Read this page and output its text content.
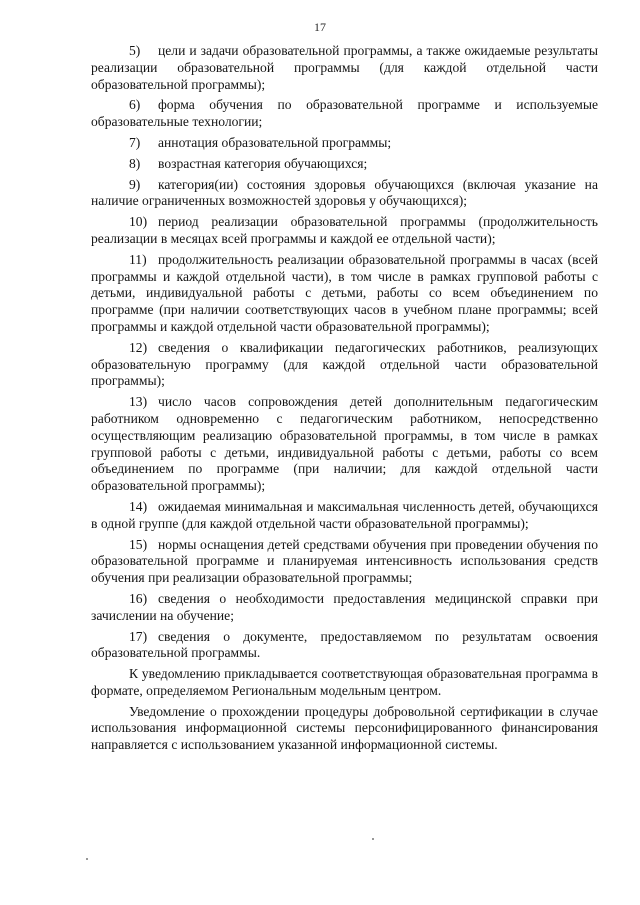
17

5) цели и задачи образовательной программы, а также ожидаемые результаты реализации образовательной программы (для каждой отдельной части образовательной программы);

6) форма обучения по образовательной программе и используемые образовательные технологии;

7) аннотация образовательной программы;

8) возрастная категория обучающихся;

9) категория(ии) состояния здоровья обучающихся (включая указание на наличие ограниченных возможностей здоровья у обучающихся);

10) период реализации образовательной программы (продолжительность реализации в месяцах всей программы и каждой ее отдельной части);

11) продолжительность реализации образовательной программы в часах (всей программы и каждой отдельной части), в том числе в рамках групповой работы с детьми, индивидуальной работы с детьми, работы со всем объединением по программе (при наличии соответствующих часов в учебном плане программы; всей программы и каждой отдельной части образовательной программы);

12) сведения о квалификации педагогических работников, реализующих образовательную программу (для каждой отдельной части образовательной программы);

13) число часов сопровождения детей дополнительным педагогическим работником одновременно с педагогическим работником, непосредственно осуществляющим реализацию образовательной программы, в том числе в рамках групповой работы с детьми, индивидуальной работы с детьми, работы со всем объединением по программе (при наличии; для каждой отдельной части образовательной программы);

14) ожидаемая минимальная и максимальная численность детей, обучающихся в одной группе (для каждой отдельной части образовательной программы);

15) нормы оснащения детей средствами обучения при проведении обучения по образовательной программе и планируемая интенсивность использования средств обучения при реализации образовательной программы;

16) сведения о необходимости предоставления медицинской справки при зачислении на обучение;

17) сведения о документе, предоставляемом по результатам освоения образовательной программы.

К уведомлению прикладывается соответствующая образовательная программа в формате, определяемом Региональным модельным центром.

Уведомление о прохождении процедуры добровольной сертификации в случае использования информационной системы персонифицированного финансирования направляется с использованием указанной информационной системы.
